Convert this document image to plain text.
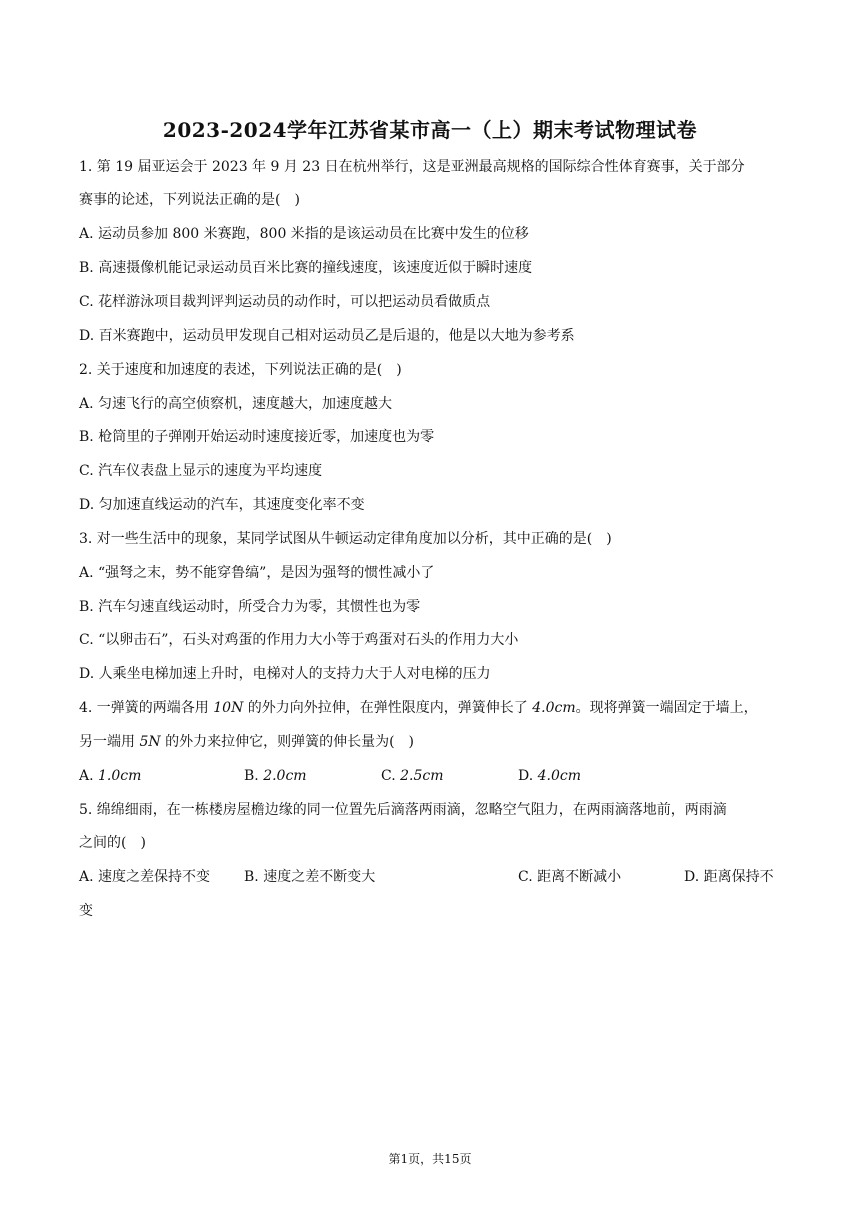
2023-2024学年江苏省某市高一（上）期末考试物理试卷
1. 第 19 届亚运会于 2023 年 9 月 23 日在杭州举行，这是亚洲最高规格的国际综合性体育赛事，关于部分
赛事的论述，下列说法正确的是(　)
A. 运动员参加 800 米赛跑，800 米指的是该运动员在比赛中发生的位移
B. 高速摄像机能记录运动员百米比赛的撞线速度，该速度近似于瞬时速度
C. 花样游泳项目裁判评判运动员的动作时，可以把运动员看做质点
D. 百米赛跑中，运动员甲发现自己相对运动员乙是后退的，他是以大地为参考系
2. 关于速度和加速度的表述，下列说法正确的是(　)
A. 匀速飞行的高空侦察机，速度越大，加速度越大
B. 枪筒里的子弹刚开始运动时速度接近零，加速度也为零
C. 汽车仪表盘上显示的速度为平均速度
D. 匀加速直线运动的汽车，其速度变化率不变
3. 对一些生活中的现象，某同学试图从牛顿运动定律角度加以分析，其中正确的是(　)
A. “强弩之末，势不能穿鲁缟”，是因为强弩的惯性减小了
B. 汽车匀速直线运动时，所受合力为零，其惯性也为零
C. “以卵击石”，石头对鸡蛋的作用力大小等于鸡蛋对石头的作用力大小
D. 人乘坐电梯加速上升时，电梯对人的支持力大于人对电梯的压力
4. 一弹簧的两端各用 10N 的外力向外拉伸，在弹性限度内，弹簧伸长了 4.0cm。现将弹簧一端固定于墙上，
另一端用 5N 的外力来拉伸它，则弹簧的伸长量为(　)
A. 1.0cm	B. 2.0cm	C. 2.5cm	D. 4.0cm
5. 绵绵细雨，在一栋楼房屋檐边缘的同一位置先后滴落两雨滴，忽略空气阻力，在两雨滴落地前，两雨滴
之间的(　)
A. 速度之差保持不变 B. 速度之差不断变大	C. 距离不断减小	D. 距离保持不
变
第1页，共15页
